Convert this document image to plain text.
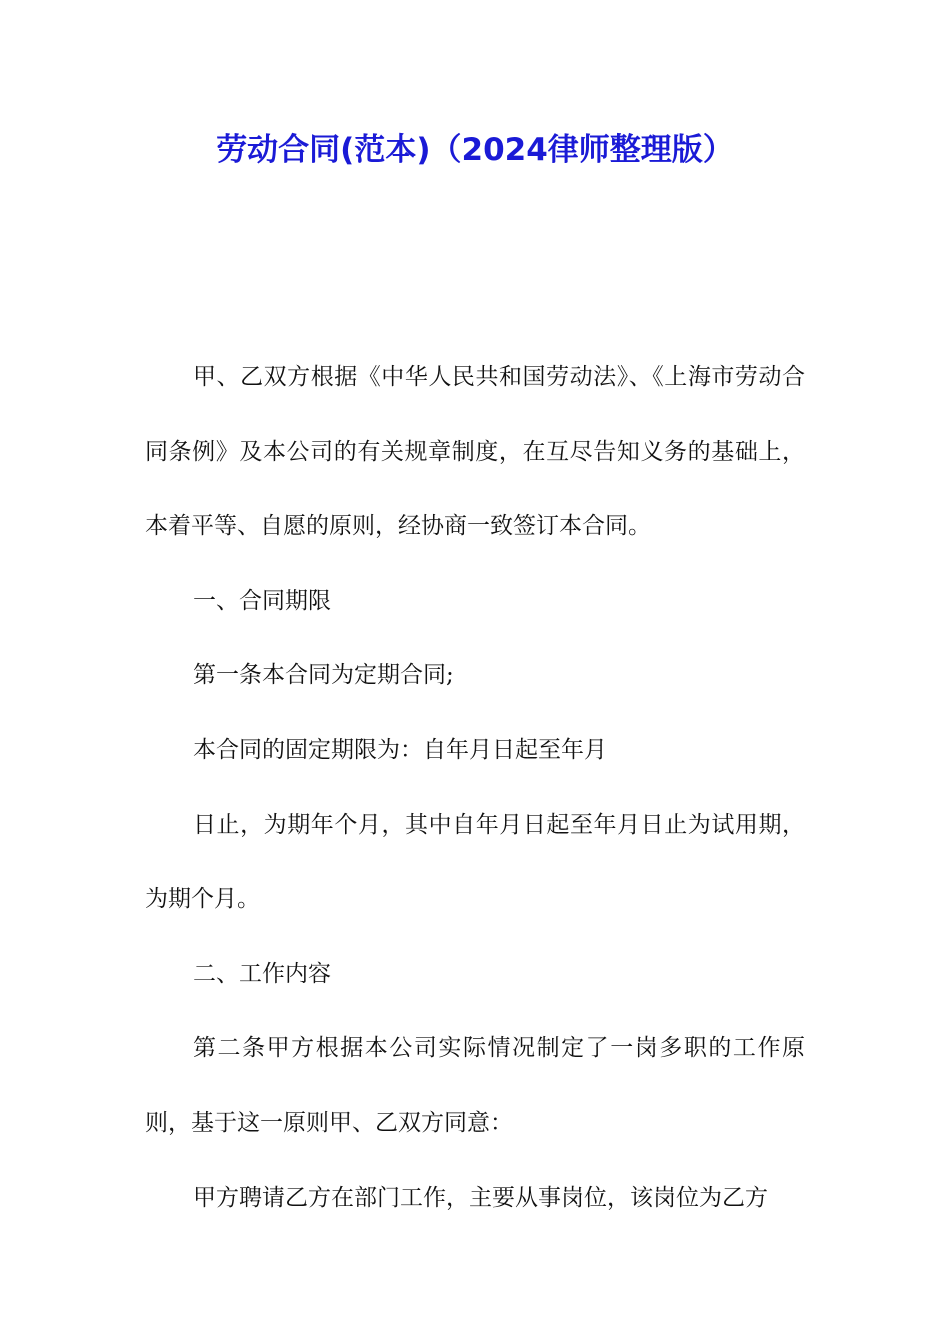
劳动合同(范本)（2024律师整理版）

甲、乙双方根据《中华人民共和国劳动法》、《上海市劳动合同条例》及本公司的有关规章制度，在互尽告知义务的基础上，本着平等、自愿的原则，经协商一致签订本合同。

一、合同期限

第一条本合同为定期合同;

本合同的固定期限为：自年月日起至年月

日止，为期年个月，其中自年月日起至年月日止为试用期，为期个月。

二、工作内容

第二条甲方根据本公司实际情况制定了一岗多职的工作原则，基于这一原则甲、乙双方同意：

甲方聘请乙方在部门工作，主要从事岗位，该岗位为乙方
